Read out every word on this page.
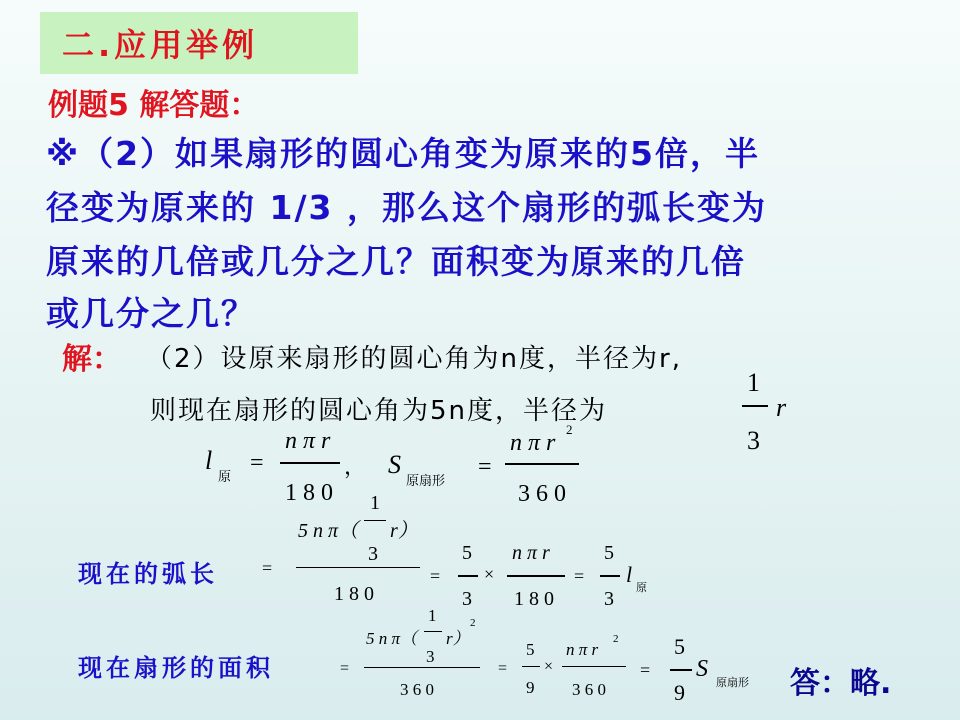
二.应用举例
例题5 解答题：
※（2）如果扇形的圆心角变为原来的5倍，半
径变为原来的 1/3 ，那么这个扇形的弧长变为
原来的几倍或几分之几？面积变为原来的几倍
或几分之几？
解： （2）设原来扇形的圆心角为n度，半径为r,
则现在扇形的圆心角为5n度，半径为
1
3
r
l
原
=
n π r
1 8 0
， S
原扇形
=
n π r
2
3 6 0
现在的弧长 =
1
5 n π（ r）
3
1 8 0
=
5
3
×
n π r
1 8 0
=
5
3
l
原
现在扇形的面积	=
1
5 n π（ r）
2
3
3 6 0
=
5
9
×
n π r
2
3 6 0
=
5
9
S
原扇形 答：略.
